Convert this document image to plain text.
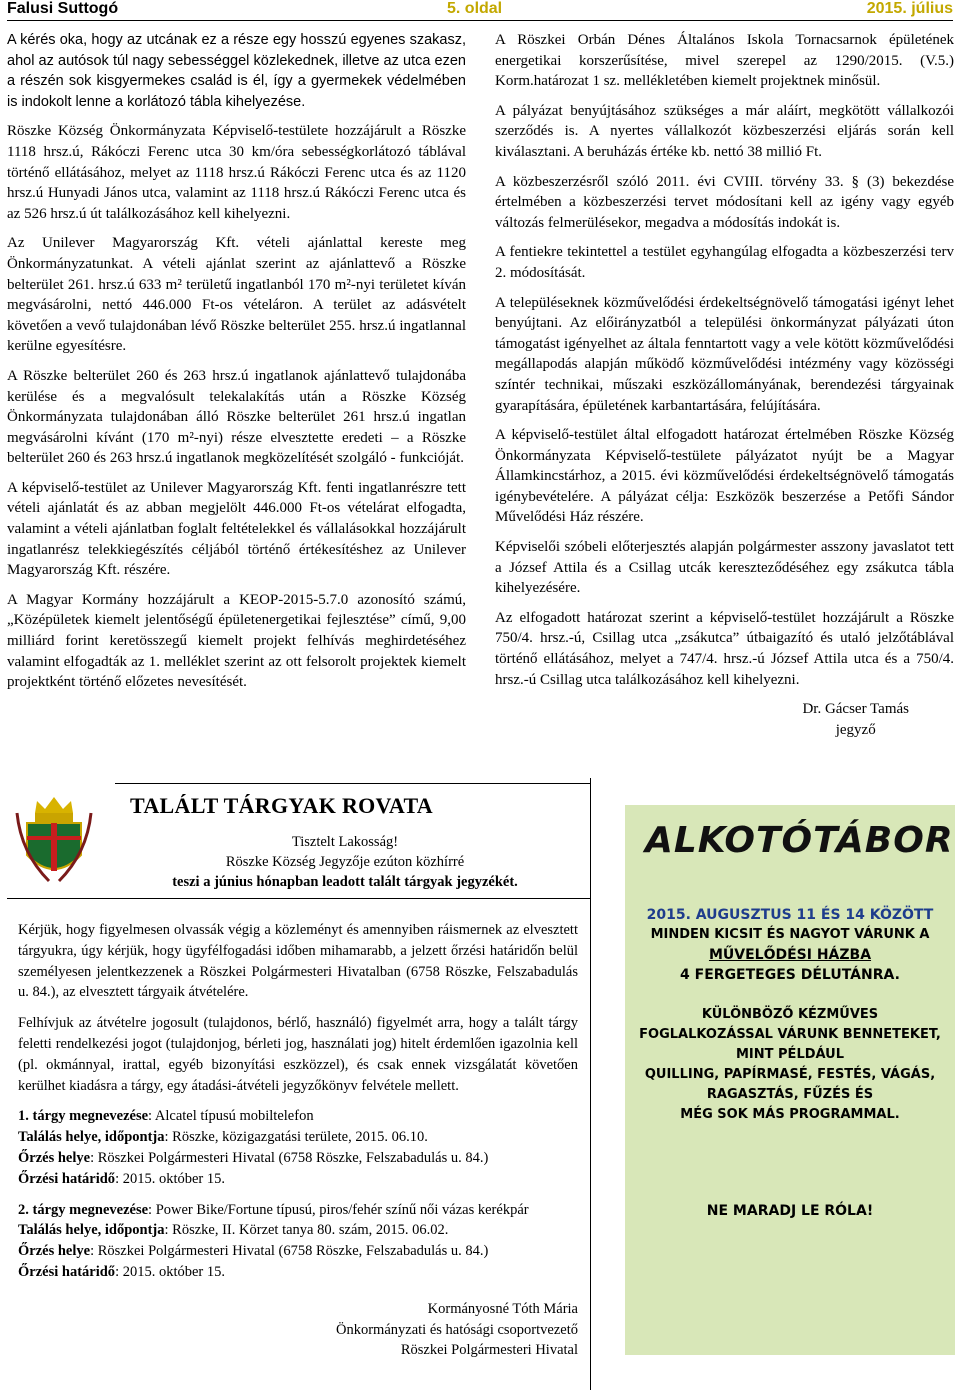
Falusi Suttogó	5. oldal	2015. július

A kérés oka, hogy az utcának ez a része egy hosszú egyenes szakasz, ahol az autósok túl nagy sebességgel közlekednek, illetve az utca ezen a részén sok kisgyermekes család is él, így a gyermekek védelmében is indokolt lenne a korlátozó tábla kihelyezése.

Röszke Község Önkormányzata Képviselő-testülete hozzájárult a Röszke 1118 hrsz.ú, Rákóczi Ferenc utca 30 km/óra sebességkorlátozó táblával történő ellátásához, melyet az 1118 hrsz.ú Rákóczi Ferenc utca és az 1120 hrsz.ú Hunyadi János utca, valamint az 1118 hrsz.ú Rákóczi Ferenc utca és az 526 hrsz.ú út találkozásához kell kihelyezni.

Az Unilever Magyarország Kft. vételi ajánlattal kereste meg Önkormányzatunkat. A vételi ajánlat szerint az ajánlattevő a Röszke belterület 261. hrsz.ú 633 m² területű ingatlanból 170 m²-nyi területet kíván megvásárolni, nettó 446.000 Ft-os vételáron. A terület az adásvételt követően a vevő tulajdonában lévő Röszke belterület 255. hrsz.ú ingatlannal kerülne egyesítésre.

A Röszke belterület 260 és 263 hrsz.ú ingatlanok ajánlattevő tulajdonába kerülése és a megvalósult telekalakítás után a Röszke Község Önkormányzata tulajdonában álló Röszke belterület 261 hrsz.ú ingatlan megvásárolni kívánt (170 m²-nyi) része elvesztette eredeti – a Röszke belterület 260 és 263 hrsz.ú ingatlanok megközelítését szolgáló - funkcióját.

A képviselő-testület az Unilever Magyarország Kft. fenti ingatlanrészre tett vételi ajánlatát és az abban megjelölt 446.000 Ft-os vételárat elfogadta, valamint a vételi ajánlatban foglalt feltételekkel és vállalásokkal hozzájárult ingatlanrész telekkiegészítés céljából történő értékesítéshez az Unilever Magyarország Kft. részére.

A Magyar Kormány hozzájárult a KEOP-2015-5.7.0 azonosító számú, „Középületek kiemelt jelentőségű épületenergetikai fejlesztése” című, 9,00 milliárd forint keretösszegű kiemelt projekt felhívás meghirdetéséhez valamint elfogadták az 1. melléklet szerint az ott felsorolt projektek kiemelt projektként történő előzetes nevesítését.

A Röszkei Orbán Dénes Általános Iskola Tornacsarnok épületének energetikai korszerűsítése, mivel szerepel az 1290/2015. (V.5.) Korm.határozat 1 sz. mellékletében kiemelt projektnek minősül.

A pályázat benyújtásához szükséges a már aláírt, megkötött vállalkozói szerződés is. A nyertes vállalkozót közbeszerzési eljárás során kell kiválasztani. A beruházás értéke kb. nettó 38 millió Ft.

A közbeszerzésről szóló 2011. évi CVIII. törvény 33. § (3) bekezdése értelmében a közbeszerzési tervet módosítani kell az igény vagy egyéb változás felmerülésekor, megadva a módosítás indokát is.

A fentiekre tekintettel a testület egyhangúlag elfogadta a közbeszerzési terv 2. módosítását.

A településeknek közművelődési érdekeltségnövelő támogatási igényt lehet benyújtani. Az előirányzatból a települési önkormányzat pályázati úton támogatást igényelhet az általa fenntartott vagy a vele kötött közművelődési megállapodás alapján működő közművelődési intézmény vagy közösségi színtér technikai, műszaki eszközállományának, berendezési tárgyainak gyarapítására, épületének karbantartására, felújítására.

A képviselő-testület által elfogadott határozat értelmében Röszke Község Önkormányzata Képviselő-testülete pályázatot nyújt be a Magyar Államkincstárhoz, a 2015. évi közművelődési érdekeltségnövelő támogatás igénybevételére. A pályázat célja: Eszközök beszerzése a Petőfi Sándor Művelődési Ház részére.

Képviselői szóbeli előterjesztés alapján polgármester asszony javaslatot tett a József Attila és a Csillag utcák kereszteződéséhez egy zsákutca tábla kihelyezésére.

Az elfogadott határozat szerint a képviselő-testület hozzájárult a Röszke 750/4. hrsz.-ú, Csillag utca „zsákutca” útbaigazító és utaló jelzőtáblával történő ellátásához, melyet a 747/4. hrsz.-ú József Attila utca és a 750/4. hrsz.-ú Csillag utca találkozásához kell kihelyezni.

Dr. Gácser Tamás
jegyző
TALÁLT TÁRGYAK ROVATA
Tisztelt Lakosság!
Röszke Község Jegyzője ezúton közhírré
teszi a június hónapban leadott talált tárgyak jegyzékét.

Kérjük, hogy figyelmesen olvassák végig a közleményt és amennyiben ráismernek az elvesztett tárgyukra, úgy kérjük, hogy ügyfélfogadási időben mihamarabb, a jelzett őrzési határidőn belül személyesen jelentkezzenek a Röszkei Polgármesteri Hivatalban (6758 Röszke, Felszabadulás u. 84.), az elvesztett tárgyaik átvételére.

Felhívjuk az átvételre jogosult (tulajdonos, bérlő, használó) figyelmét arra, hogy a talált tárgy feletti rendelkezési jogot (tulajdonjog, bérleti jog, használati jog) hitelt érdemlően igazolnia kell (pl. okmánnyal, irattal, egyéb bizonyítási eszközzel), és csak ennek vizsgálatát követően kerülhet kiadásra a tárgy, egy átadási-átvételi jegyzőkönyv felvétele mellett.

1. tárgy megnevezése: Alcatel típusú mobiltelefon
Találás helye, időpontja: Röszke, közigazgatási területe, 2015. 06.10.
Őrzés helye: Röszkei Polgármesteri Hivatal (6758 Röszke, Felszabadulás u. 84.)
Őrzési határidő: 2015. október 15.
2. tárgy megnevezése: Power Bike/Fortune típusú, piros/fehér színű női vázas kerékpár
Találás helye, időpontja: Röszke, II. Körzet tanya 80. szám, 2015. 06.02.
Őrzés helye: Röszkei Polgármesteri Hivatal (6758 Röszke, Felszabadulás u. 84.)
Őrzési határidő: 2015. október 15.
Kormányosné Tóth Mária
Önkormányzati és hatósági csoportvezető
Röszkei Polgármesteri Hivatal
ALKOTÓTÁBOR

2015. AUGUSZTUS 11 ÉS 14 KÖZÖTT
MINDEN KICSIT ÉS NAGYOT VÁRUNK A
MŰVELŐDÉSI HÁZBA
4 FERGETEGES DÉLUTÁNRA.

KÜLÖNBÖZŐ KÉZMŰVES
FOGLALKOZÁSSAL VÁRUNK BENNETEKET,
MINT PÉLDÁUL
QUILLING, PAPÍRMASÉ, FESTÉS, VÁGÁS,
RAGASZTÁS, FŰZÉS ÉS
MÉG SOK MÁS PROGRAMMAL.

NE MARADJ LE RÓLA!
